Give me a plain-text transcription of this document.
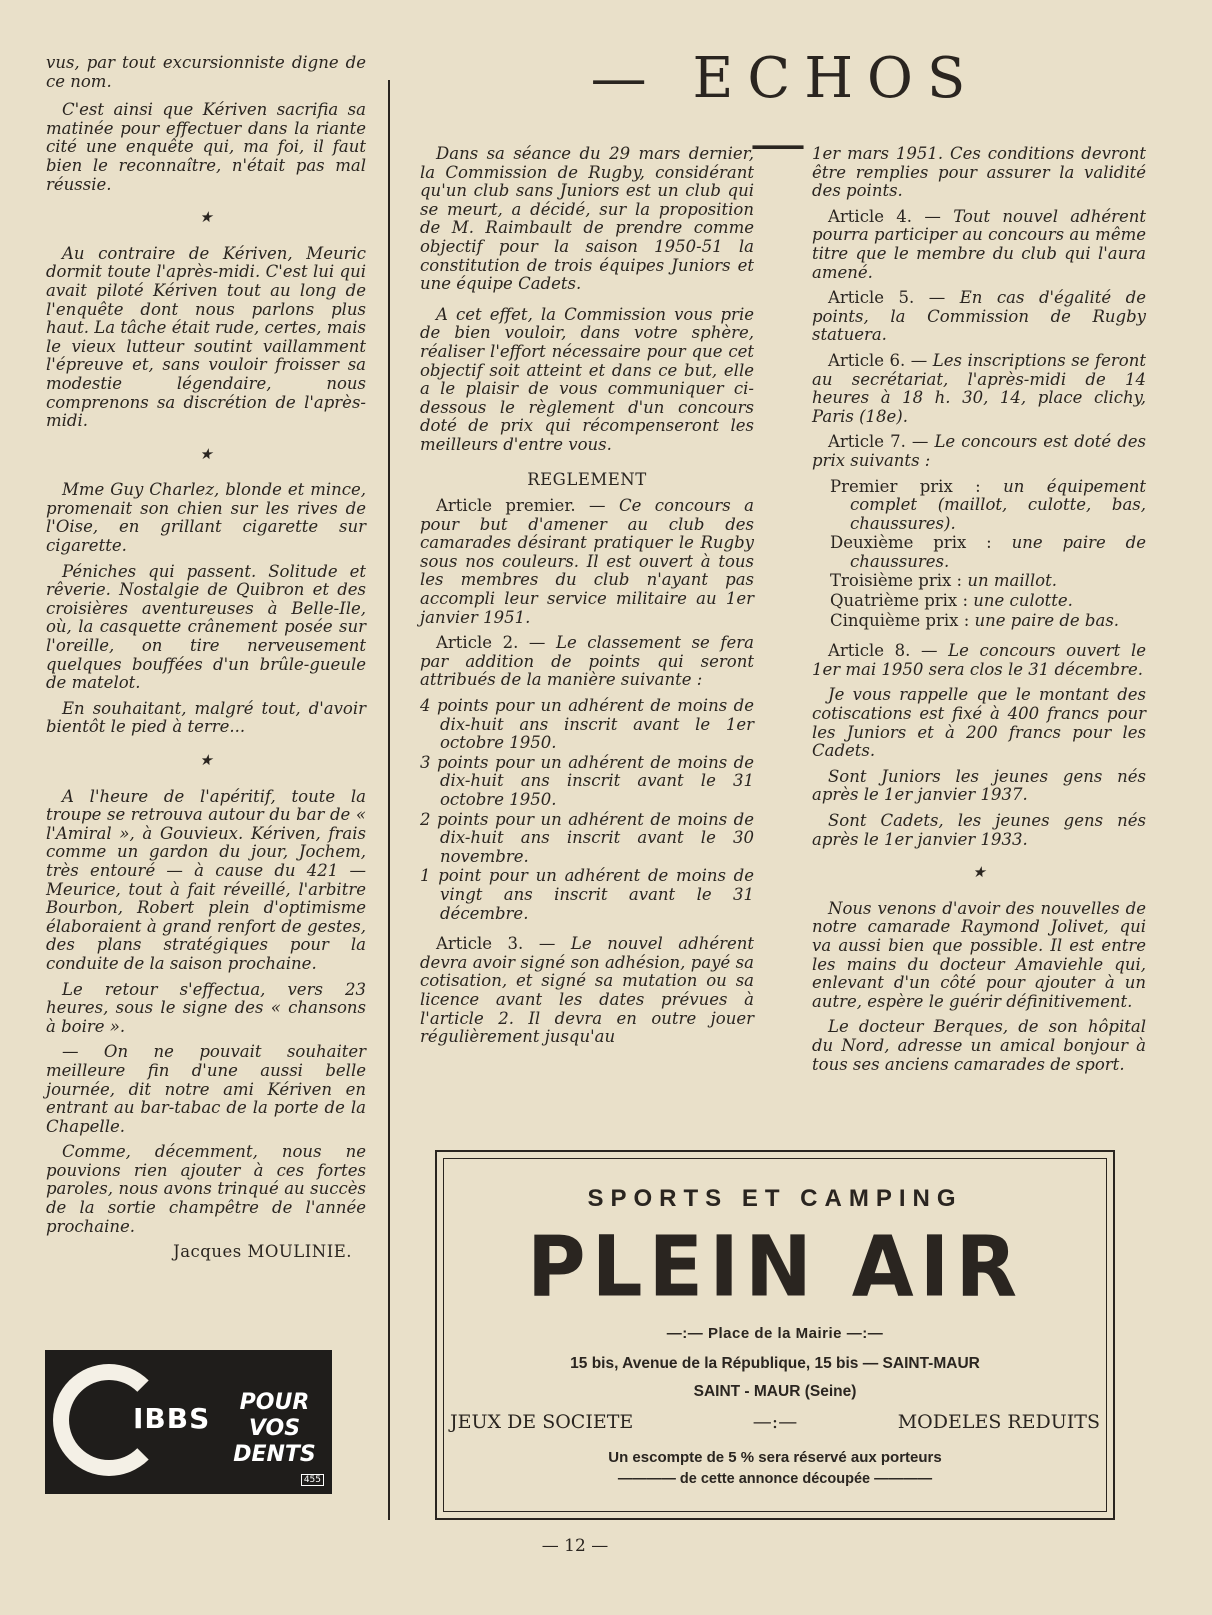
vus, par tout excursionniste digne de ce nom.

C'est ainsi que Kériven sacrifia sa matinée pour effectuer dans la riante cité une enquête qui, ma foi, il faut bien le reconnaître, n'était pas mal réussie.

★

Au contraire de Kériven, Meuric dormit toute l'après-midi. C'est lui qui avait piloté Kériven tout au long de l'enquête dont nous parlons plus haut. La tâche était rude, certes, mais le vieux lutteur soutint vaillamment l'épreuve et, sans vouloir froisser sa modestie légendaire, nous comprenons sa discrétion de l'après-midi.

★

Mme Guy Charlez, blonde et mince, promenait son chien sur les rives de l'Oise, en grillant cigarette sur cigarette.

Péniches qui passent. Solitude et rêverie. Nostalgie de Quibron et des croisières aventureuses à Belle-Ile, où, la casquette crânement posée sur l'oreille, on tire nerveusement quelques bouffées d'un brûle-gueule de matelot.

En souhaitant, malgré tout, d'avoir bientôt le pied à terre...

★

A l'heure de l'apéritif, toute la troupe se retrouva autour du bar de « l'Amiral », à Gouvieux. Kériven, frais comme un gardon du jour, Jochem, très entouré — à cause du 421 — Meurice, tout à fait réveillé, l'arbitre Bourbon, Robert plein d'optimisme élaboraient à grand renfort de gestes, des plans stratégiques pour la conduite de la saison prochaine.

Le retour s'effectua, vers 23 heures, sous le signe des « chansons à boire ».

— On ne pouvait souhaiter meilleure fin d'une aussi belle journée, dit notre ami Kériven en entrant au bar-tabac de la porte de la Chapelle.

Comme, décemment, nous ne pouvions rien ajouter à ces fortes paroles, nous avons trinqué au succès de la sortie champêtre de l'année prochaine.

Jacques MOULINIE.
— ECHOS —

Dans sa séance du 29 mars dernier, la Commission de Rugby, considérant qu'un club sans Juniors est un club qui se meurt, a décidé, sur la proposition de M. Raimbault de prendre comme objectif pour la saison 1950-51 la constitution de trois équipes Juniors et une équipe Cadets.

A cet effet, la Commission vous prie de bien vouloir, dans votre sphère, réaliser l'effort nécessaire pour que cet objectif soit atteint et dans ce but, elle a le plaisir de vous communiquer ci-dessous le règlement d'un concours doté de prix qui récompenseront les meilleurs d'entre vous.

REGLEMENT

Article premier. — Ce concours a pour but d'amener au club des camarades désirant pratiquer le Rugby sous nos couleurs. Il est ouvert à tous les membres du club n'ayant pas accompli leur service militaire au 1er janvier 1951.

Article 2. — Le classement se fera par addition de points qui seront attribués de la manière suivante :

4 points pour un adhérent de moins de dix-huit ans inscrit avant le 1er octobre 1950.

3 points pour un adhérent de moins de dix-huit ans inscrit avant le 31 octobre 1950.

2 points pour un adhérent de moins de dix-huit ans inscrit avant le 30 novembre.

1 point pour un adhérent de moins de vingt ans inscrit avant le 31 décembre.

Article 3. — Le nouvel adhérent devra avoir signé son adhésion, payé sa cotisation, et signé sa mutation ou sa licence avant les dates prévues à l'article 2. Il devra en outre jouer régulièrement jusqu'au

1er mars 1951. Ces conditions devront être remplies pour assurer la validité des points.

Article 4. — Tout nouvel adhérent pourra participer au concours au même titre que le membre du club qui l'aura amené.

Article 5. — En cas d'égalité de points, la Commission de Rugby statuera.

Article 6. — Les inscriptions se feront au secrétariat, l'après-midi de 14 heures à 18 h. 30, 14, place clichy, Paris (18e).

Article 7. — Le concours est doté des prix suivants :

Premier prix : un équipement complet (maillot, culotte, bas, chaussures).

Deuxième prix : une paire de chaussures.

Troisième prix : un maillot.

Quatrième prix : une culotte.

Cinquième prix : une paire de bas.

Article 8. — Le concours ouvert le 1er mai 1950 sera clos le 31 décembre.

Je vous rappelle que le montant des cotiscations est fixé à 400 francs pour les Juniors et à 200 francs pour les Cadets.

Sont Juniors les jeunes gens nés après le 1er janvier 1937.

Sont Cadets, les jeunes gens nés après le 1er janvier 1933.

★

Nous venons d'avoir des nouvelles de notre camarade Raymond Jolivet, qui va aussi bien que possible. Il est entre les mains du docteur Amaviehle qui, enlevant d'un côté pour ajouter à un autre, espère le guérir définitivement.

Le docteur Berques, de son hôpital du Nord, adresse un amical bonjour à tous ses anciens camarades de sport.

IBBS	POUR
VOS DENTS
455
SPORTS ET CAMPING
PLEIN AIR
—:— Place de la Mairie —:—
15 bis, Avenue de la République, 15 bis — SAINT-MAUR
SAINT - MAUR (Seine)
JEUX DE SOCIETE	—:—	MODELES REDUITS
Un escompte de 5 % sera réservé aux porteurs
———— de cette annonce découpée ————
— 12 —
